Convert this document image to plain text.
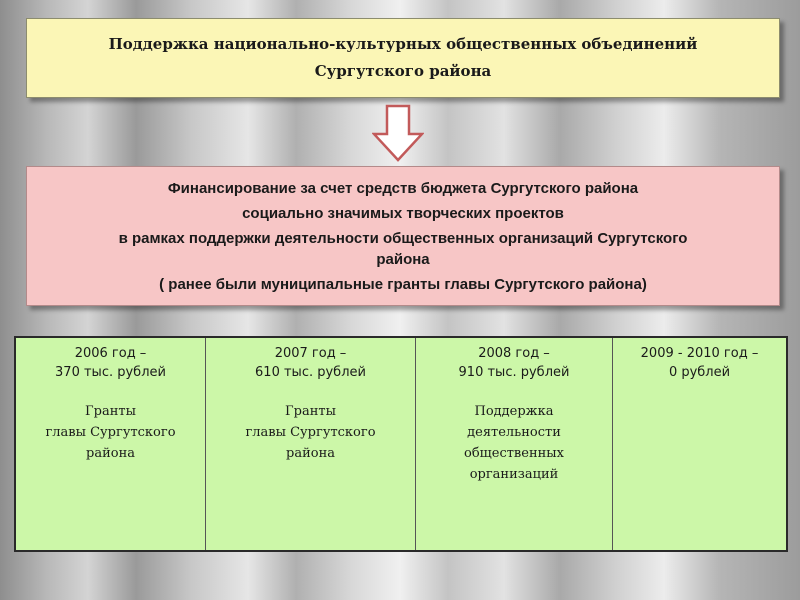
Поддержка национально-культурных общественных объединений
Сургутского района
Финансирование за счет средств бюджета Сургутского района
социально значимых творческих проектов
в рамках поддержки деятельности общественных организаций Сургутского
района
( ранее были муниципальные гранты главы Сургутского района)
2006 год –
370 тыс. рублей
Гранты
главы Сургутского
района
2007 год –
610 тыс. рублей
Гранты
главы Сургутского
района
2008 год –
910 тыс. рублей
Поддержка
деятельности
общественных
организаций
2009 - 2010 год –
0 рублей
